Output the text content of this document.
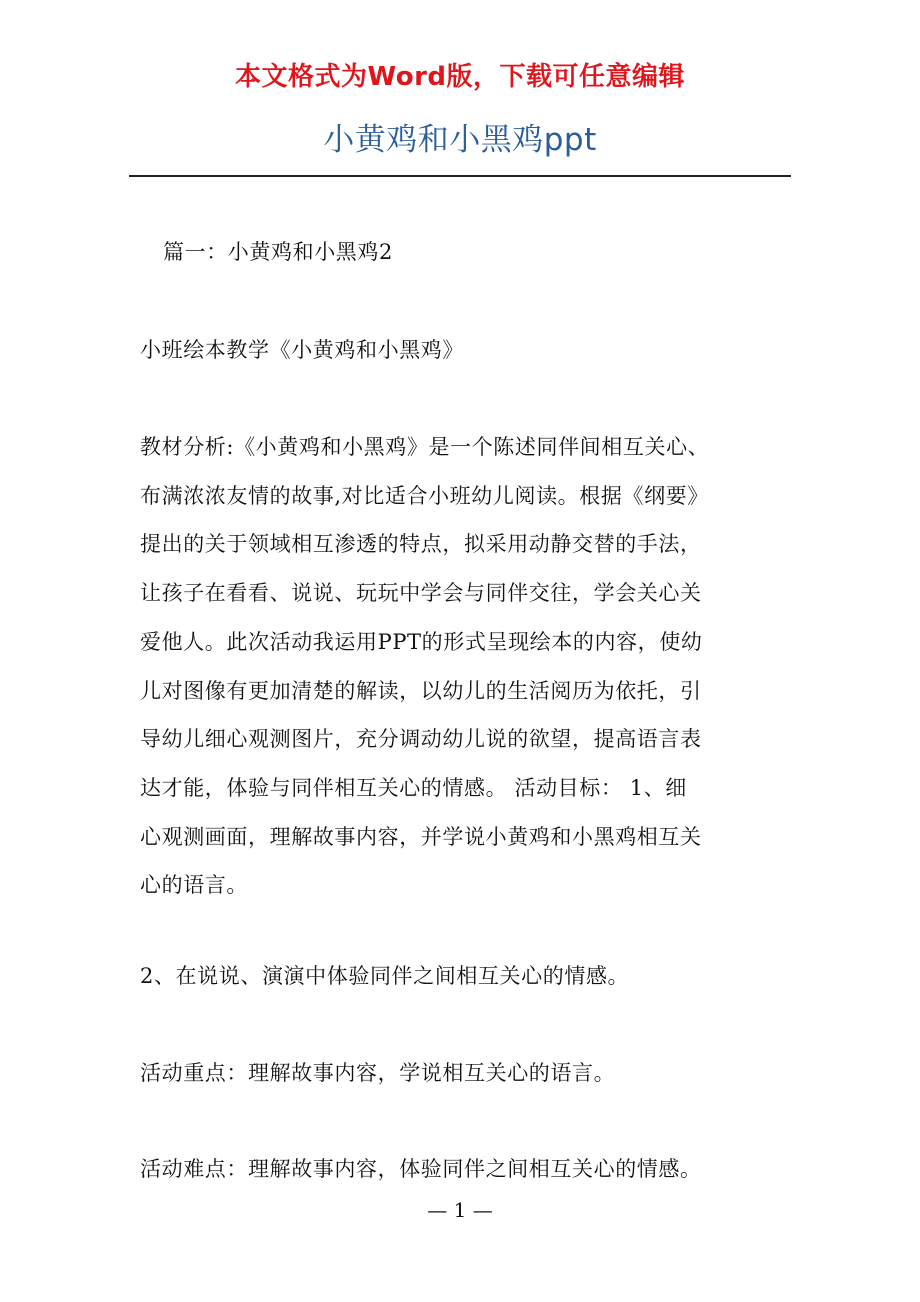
本文格式为Word版，下载可任意编辑
小黄鸡和小黑鸡ppt

篇一：小黄鸡和小黑鸡2

小班绘本教学《小黄鸡和小黑鸡》

教材分析:《小黄鸡和小黑鸡》是一个陈述同伴间相互关心、
布满浓浓友情的故事,对比适合小班幼儿阅读。根据《纲要》
提出的关于领域相互渗透的特点，拟采用动静交替的手法，
让孩子在看看、说说、玩玩中学会与同伴交往，学会关心关
爱他人。此次活动我运用PPT的形式呈现绘本的内容，使幼
儿对图像有更加清楚的解读，以幼儿的生活阅历为依托，引
导幼儿细心观测图片，充分调动幼儿说的欲望，提高语言表
达才能，体验与同伴相互关心的情感。 活动目标： 1、细
心观测画面，理解故事内容，并学说小黄鸡和小黑鸡相互关
心的语言。

2、在说说、演演中体验同伴之间相互关心的情感。

活动重点：理解故事内容，学说相互关心的语言。

活动难点：理解故事内容，体验同伴之间相互关心的情感。

— 1 —
